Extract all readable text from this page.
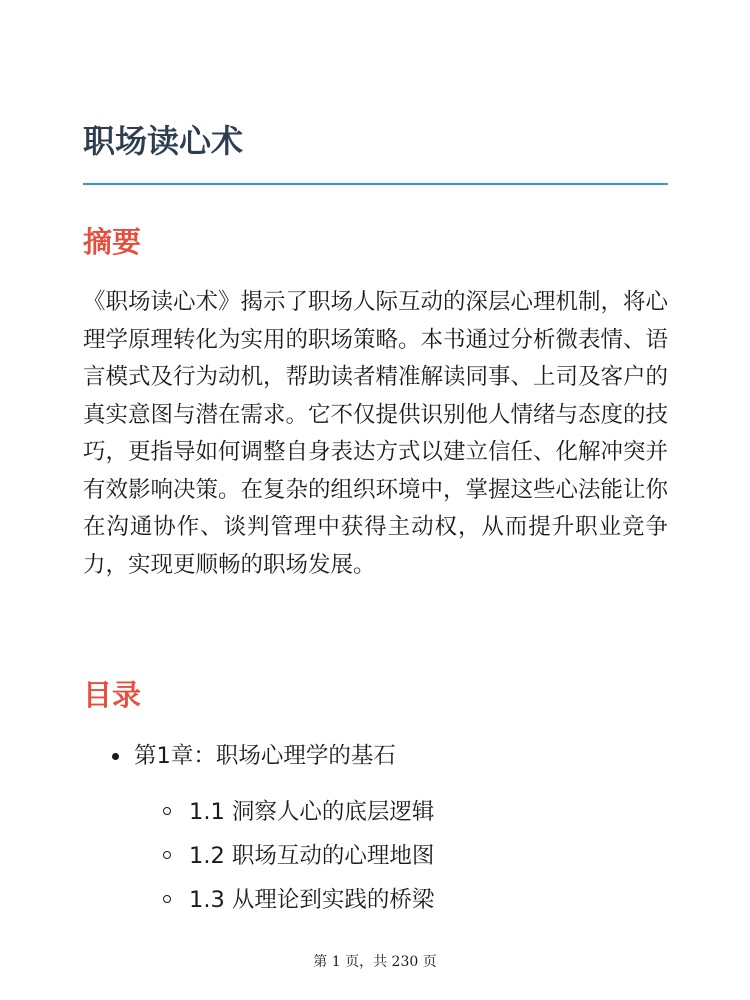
职场读心术
摘要

《职场读心术》揭示了职场人际互动的深层心理机制，将心理学原理转化为实用的职场策略。本书通过分析微表情、语言模式及行为动机，帮助读者精准解读同事、上司及客户的真实意图与潜在需求。它不仅提供识别他人情绪与态度的技巧，更指导如何调整自身表达方式以建立信任、化解冲突并有效影响决策。在复杂的组织环境中，掌握这些心法能让你在沟通协作、谈判管理中获得主动权，从而提升职业竞争力，实现更顺畅的职场发展。

目录
第1章：职场心理学的基石
1.1 洞察人心的底层逻辑
1.2 职场互动的心理地图
1.3 从理论到实践的桥梁
第 1 页，共 230 页
